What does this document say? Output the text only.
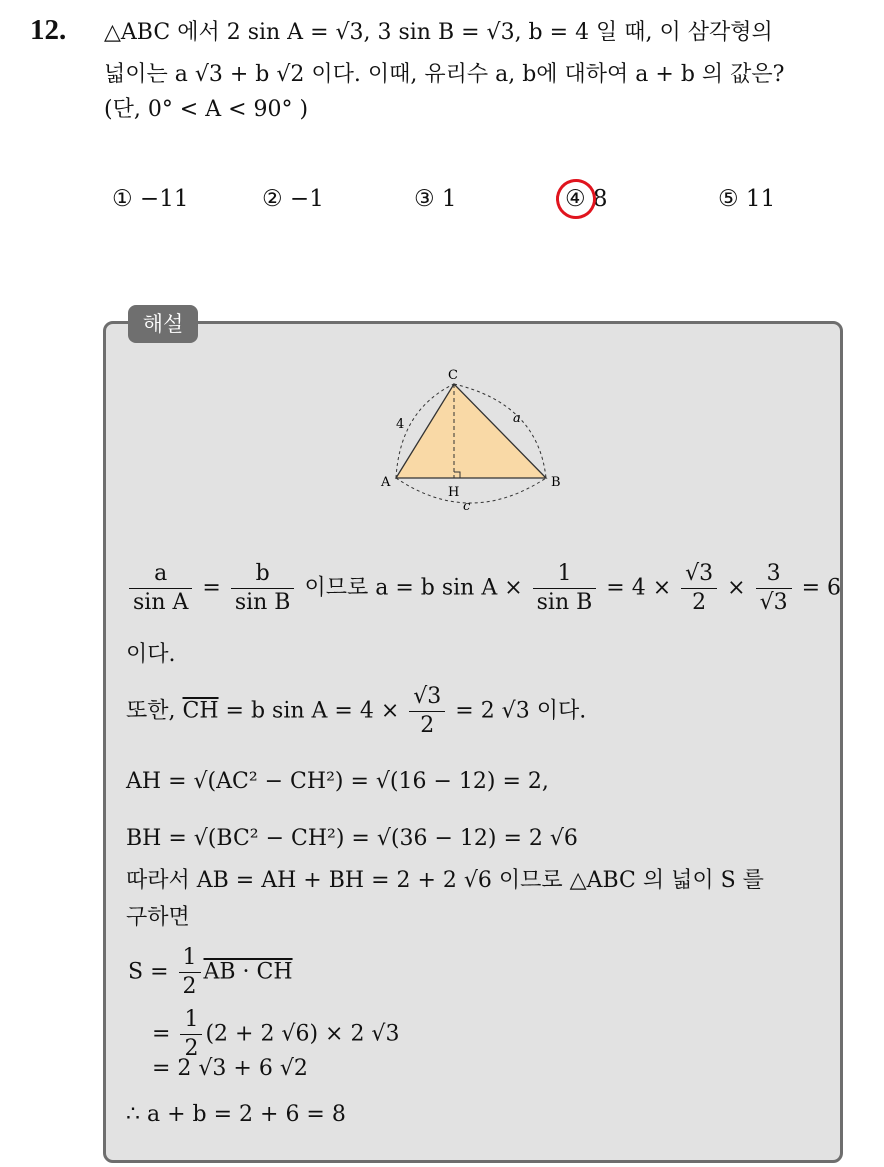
12. △ABC 에서 2 sin A = √3, 3 sin B = √3, b = 4 일 때, 이 삼각형의
넓이는 a √3 + b √2 이다. 이때, 유리수 a, b에 대하여 a + b 의 값은?
(단, 0° < A < 90° )
① −11	② −1	③ 1	④ 8	⑤ 11
해설
C
A	B
H
4	a
c
$\frac{a}{\text{sin A}} = \frac{b}{\text{sin B}}$ 이므로 a = b $\sin A \times \frac{1}{\text{sin B}} = 4 \times \frac{√3}{2} \times \frac{3}{√3} = 6$
이다.
또한, $\overline{CH} = b$ $\sin A = 4 \times \frac{√3}{2} = 2$ √3 이다.
AH = √(AC² − CH²) = √(16 − 12) = 2,
BH = √(BC² − CH²) = √(36 − 12) = 2 √6
따라서 AB = AH + BH = 2 + 2 √6 이므로 △ABC 의 넓이 S 를
구하면
$S = \frac{1}{2}$ AB · CH
= $\frac{1}{2} (2 + 2$ √6) × 2 √3
= 2 √3 + 6 √2
∴ a + b = 2 + 6 = 8
